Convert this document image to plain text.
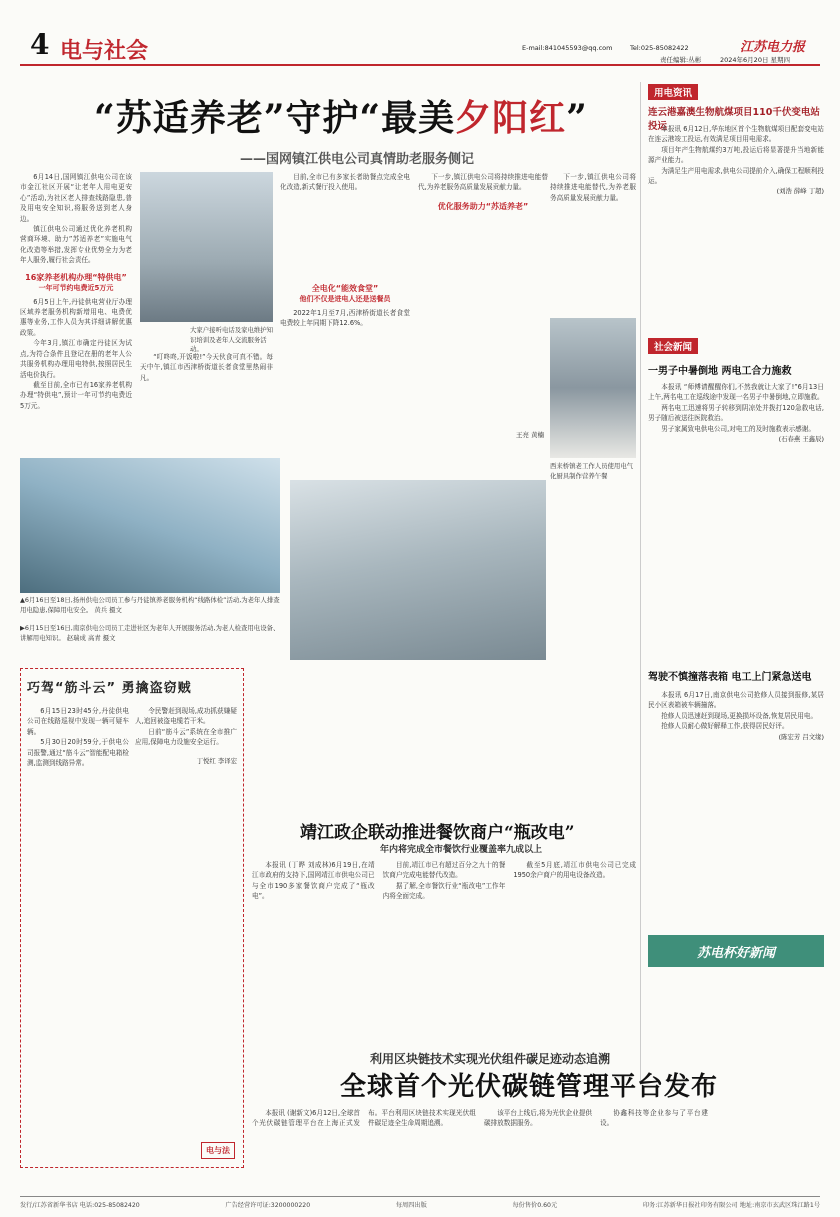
4 电与社会	E-mail:841045593@qq.com	Tel:025-85082422	江苏电力报
责任编辑:丛彬	2024年6月20日 星期四
“苏适养老”守护“最美夕阳红”
——国网镇江供电公司真情助老服务侧记

6月14日,国网镇江供电公司在该市金江社区开展“让老年人用电更安心”活动,为社区老人排查线路隐患,普及用电安全知识,将服务送到老人身边。

镇江供电公司通过优化养老机构营商环境、助力”苏适养老”实施电气化改造等举措,发挥专业优势全力为老年人服务,履行社会责任。

16家养老机构办理“特供电”

一年可节约电费近5万元

6月5日上午,丹徒供电营业厅办理区域养老服务机构新增用电、电费优惠等业务,工作人员为其详细讲解优惠政策。

今年3月,镇江市确定丹徒区为试点,为符合条件且登记在册的老年人公共服务机构办理用电特供,按照居民生活电价执行。

截至目前,全市已有16家养老机构办理“特供电”,预计一年可节约电费近5万元。

大家户接听电话及家电维护知识培训及老年人交流服务活动。

“叮咚咚,开饭啦!”今天伙食可真不错。每天中午,镇江市西津桥街道长者食堂里热闹非凡。

目前,全市已有多家长者助餐点完成全电化改造,新式餐厅投入使用。

全电化“能效食堂”

他们不仅是进电人还是送餐员

2022年1月至7月,西津桥街道长者食堂电费较上年同期下降12.6%。

下一步,镇江供电公司将持续推进电能替代,为养老服务高质量发展贡献力量。

优化服务助力“苏适养老”

王亮 黄楠

西来桥镇老工作人员使用电气化厨具制作营养午餐

下一步,镇江供电公司将持续推进电能替代,为养老服务高质量发展贡献力量。

▲6月16日至18日,扬州供电公司员工参与丹徒镇养老服务机构“线路体检”活动,为老年人排查用电隐患,保障用电安全。 黄兵 摄文
▶6月15日至16日,南京供电公司员工走进社区为老年人开展服务活动,为老人检查用电设备、讲解用电知识。 赵瑞成 高青 摄文
巧驾“筋斗云” 勇擒盗窃贼

6月15日23时45分,丹徒供电公司在线路巡视中发现一辆可疑车辆。

5月30日20时59分,于供电公司报警,通过“筋斗云”智能配电箱检测,监测到线路异常。

令民警赶到现场,成功抓获嫌疑人,追回被盗电缆若干米。

日前“筋斗云”系统在全市推广应用,保障电力设施安全运行。

丁悦红 李译宏

电与法
用电资讯
连云港嘉澳生物航煤项目110千伏变电站投运

本报讯 6月12日,华东地区首个生物航煤项目配套变电站在连云港竣工投运,有效满足项目用电需求。

项目年产生物航煤约3万吨,投运后将显著提升当地新能源产业能力。

为满足生产用电需求,供电公司提前介入,确保工程顺利投运。

(刘浩 薛峰 丁超)

社会新闻
一男子中暑倒地 两电工合力施救

本报讯 “师傅请醒醒你们,不然我就让大家了!”6月13日上午,两名电工在巡线途中发现一名男子中暑倒地,立即施救。

两名电工迅速将男子转移到阴凉处并拨打120急救电话,男子随后被送往医院救治。

男子家属致电供电公司,对电工的及时施救表示感谢。

(石春燕 王鑫辰)

驾驶不慎撞落表箱 电工上门紧急送电

本报讯 6月17日,南京供电公司抢修人员接到报修,某居民小区表箱被车辆撞落。

抢修人员迅速赶到现场,更换损坏设备,恢复居民用电。

抢修人员耐心做好解释工作,获得居民好评。

(陈宏芳 吕文缘)

苏电杯好新闻
靖江政企联动推进餐饮商户“瓶改电”
年内将完成全市餐饮行业覆盖率九成以上

本报讯 (丁晔 刘成林)6月19日,在靖江市政府的支持下,国网靖江市供电公司已与全市190多家餐饮商户完成了“瓶改电”。

目前,靖江市已有超过百分之九十的餐饮商户完成电能替代改造。

据了解,全市餐饮行业“瓶改电”工作年内将全面完成。

截至5月底,靖江市供电公司已完成1950余户商户的用电设备改造。

利用区块链技术实现光伏组件碳足迹动态追溯
全球首个光伏碳链管理平台发布

本报讯 (谢新文)6月12日,全球首个光伏碳链管理平台在上海正式发布。平台利用区块链技术实现光伏组件碳足迹全生命周期追溯。

该平台上线后,将为光伏企业提供碳排放数据服务。

协鑫科技等企业参与了平台建设。

发行/江苏省新华书店 电话:025-85082420	广告经营许可证:3200000220	每周四出版	每份售价0.60元	印务:江苏新华日报社印务有限公司 地址:南京市玄武区珠江路1号
